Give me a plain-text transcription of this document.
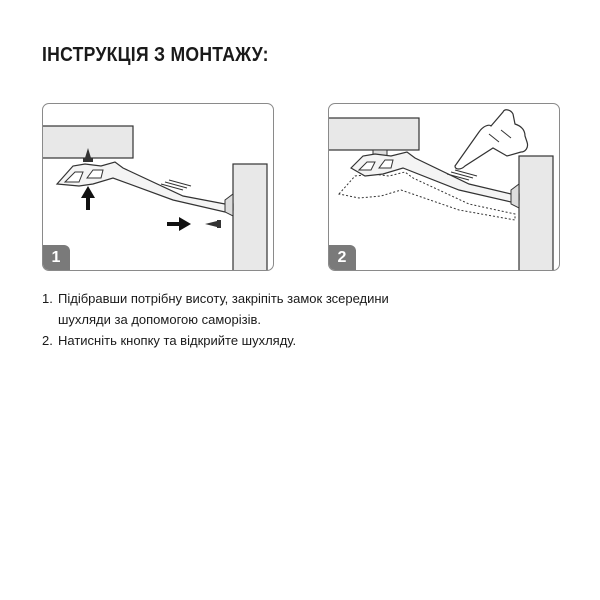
ІНСТРУКЦІЯ З МОНТАЖУ:
1	2
1. Підібравши потрібну висоту, закріпіть замок зсередини
шухляди за допомогою саморізів.
2. Натисніть кнопку та відкрийте шухляду.
